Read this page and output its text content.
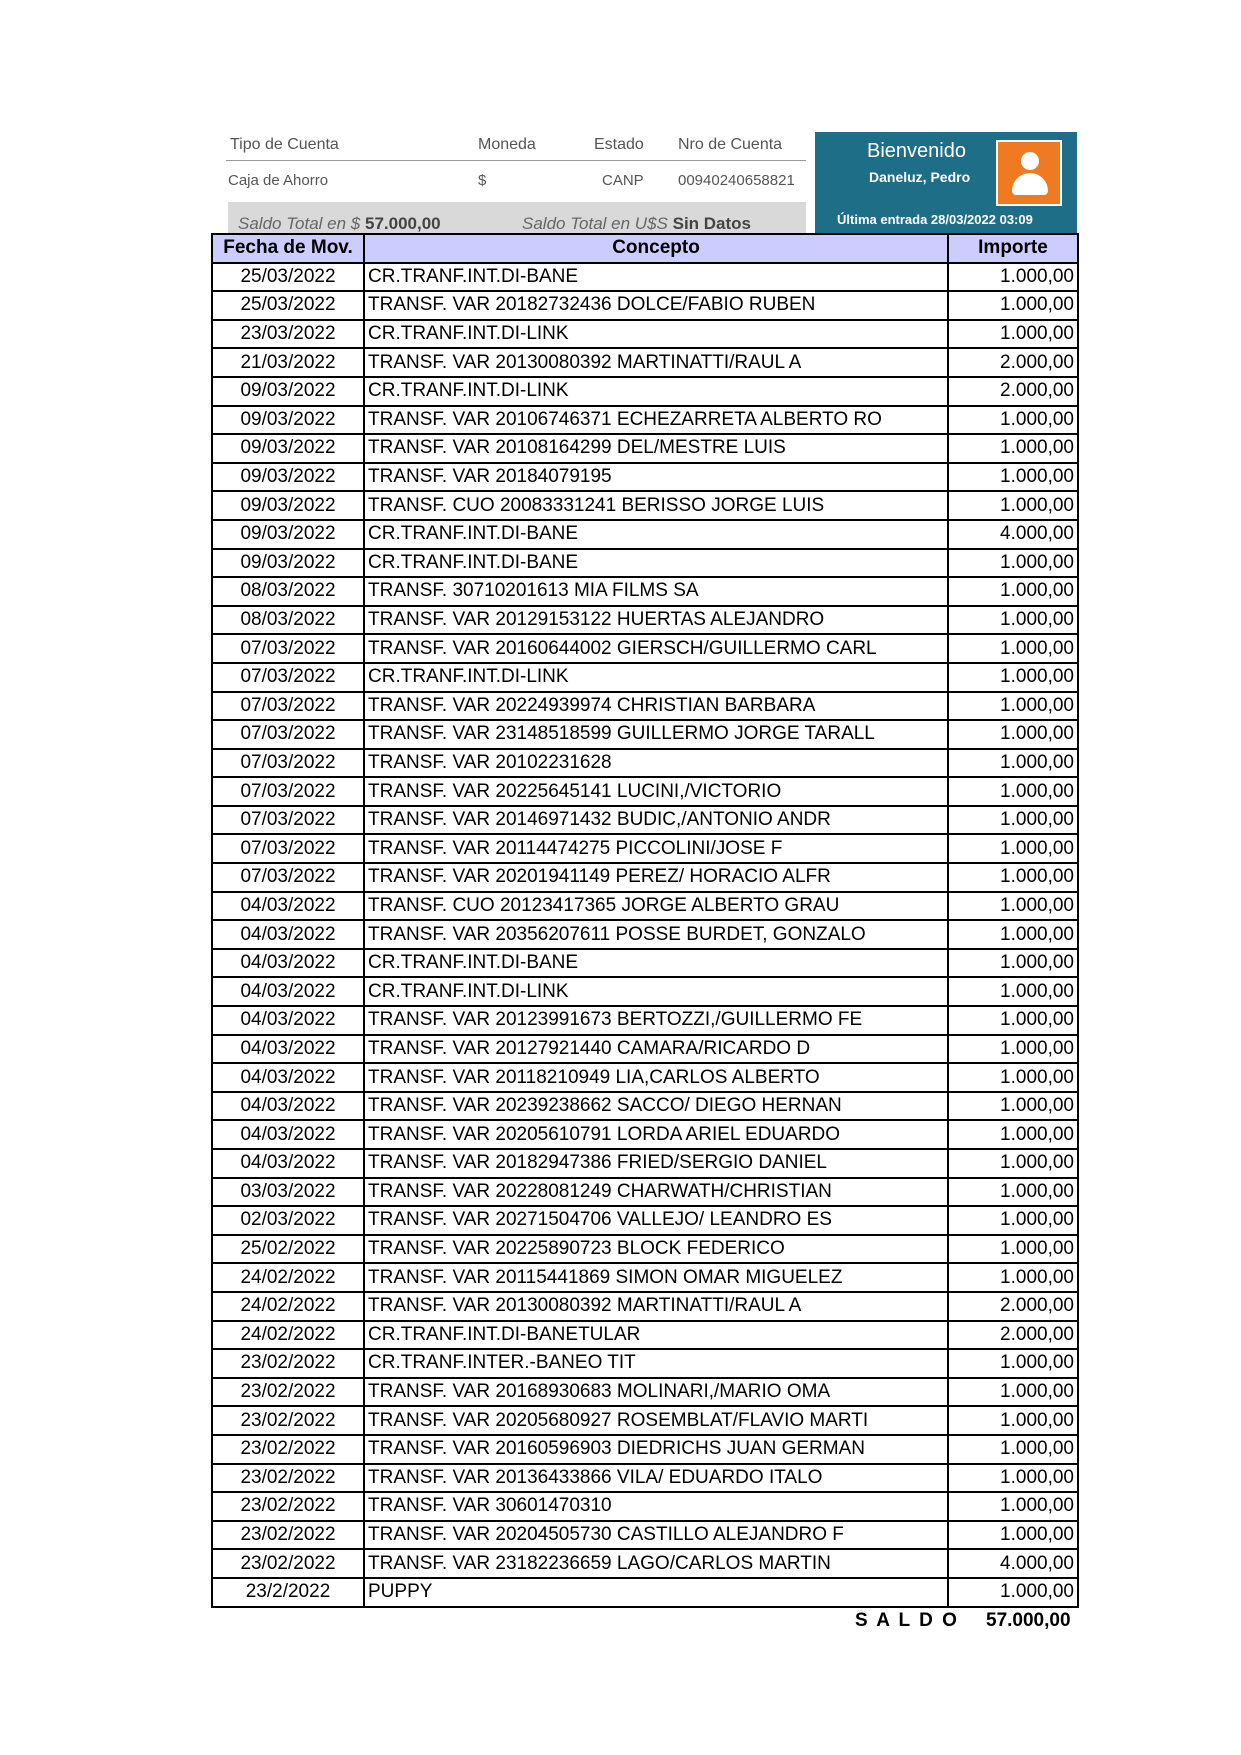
Tipo de Cuenta	Moneda	Estado Nro de Cuenta
Caja de Ahorro	$	CANP 00940240658821
Saldo Total en $ 57.000,00	Saldo Total en U$S Sin Datos
Bienvenido
Daneluz, Pedro
Última entrada 28/03/2022 03:09
Fecha de Mov.	Concepto	Importe
25/03/2022	CR.TRANF.INT.DI-BANE	1.000,00
25/03/2022	TRANSF. VAR 20182732436 DOLCE/FABIO RUBEN	1.000,00
23/03/2022	CR.TRANF.INT.DI-LINK	1.000,00
21/03/2022	TRANSF. VAR 20130080392 MARTINATTI/RAUL A	2.000,00
09/03/2022	CR.TRANF.INT.DI-LINK	2.000,00
09/03/2022	TRANSF. VAR 20106746371 ECHEZARRETA ALBERTO RO	1.000,00
09/03/2022	TRANSF. VAR 20108164299 DEL/MESTRE LUIS	1.000,00
09/03/2022	TRANSF. VAR 20184079195	1.000,00
09/03/2022	TRANSF. CUO 20083331241 BERISSO JORGE LUIS	1.000,00
09/03/2022	CR.TRANF.INT.DI-BANE	4.000,00
09/03/2022	CR.TRANF.INT.DI-BANE	1.000,00
08/03/2022	TRANSF. 30710201613 MIA FILMS SA	1.000,00
08/03/2022	TRANSF. VAR 20129153122 HUERTAS ALEJANDRO	1.000,00
07/03/2022	TRANSF. VAR 20160644002 GIERSCH/GUILLERMO CARL	1.000,00
07/03/2022	CR.TRANF.INT.DI-LINK	1.000,00
07/03/2022	TRANSF. VAR 20224939974 CHRISTIAN BARBARA	1.000,00
07/03/2022	TRANSF. VAR 23148518599 GUILLERMO JORGE TARALL	1.000,00
07/03/2022	TRANSF. VAR 20102231628	1.000,00
07/03/2022	TRANSF. VAR 20225645141 LUCINI,/VICTORIO	1.000,00
07/03/2022	TRANSF. VAR 20146971432 BUDIC,/ANTONIO ANDR	1.000,00
07/03/2022	TRANSF. VAR 20114474275 PICCOLINI/JOSE F	1.000,00
07/03/2022	TRANSF. VAR 20201941149 PEREZ/ HORACIO ALFR	1.000,00
04/03/2022	TRANSF. CUO 20123417365 JORGE ALBERTO GRAU	1.000,00
04/03/2022	TRANSF. VAR 20356207611 POSSE BURDET, GONZALO	1.000,00
04/03/2022	CR.TRANF.INT.DI-BANE	1.000,00
04/03/2022	CR.TRANF.INT.DI-LINK	1.000,00
04/03/2022	TRANSF. VAR 20123991673 BERTOZZI,/GUILLERMO FE	1.000,00
04/03/2022	TRANSF. VAR 20127921440 CAMARA/RICARDO D	1.000,00
04/03/2022	TRANSF. VAR 20118210949 LIA,CARLOS ALBERTO	1.000,00
04/03/2022	TRANSF. VAR 20239238662 SACCO/ DIEGO HERNAN	1.000,00
04/03/2022	TRANSF. VAR 20205610791 LORDA ARIEL EDUARDO	1.000,00
04/03/2022	TRANSF. VAR 20182947386 FRIED/SERGIO DANIEL	1.000,00
03/03/2022	TRANSF. VAR 20228081249 CHARWATH/CHRISTIAN	1.000,00
02/03/2022	TRANSF. VAR 20271504706 VALLEJO/ LEANDRO ES	1.000,00
25/02/2022	TRANSF. VAR 20225890723 BLOCK FEDERICO	1.000,00
24/02/2022	TRANSF. VAR 20115441869 SIMON OMAR MIGUELEZ	1.000,00
24/02/2022	TRANSF. VAR 20130080392 MARTINATTI/RAUL A	2.000,00
24/02/2022	CR.TRANF.INT.DI-BANETULAR	2.000,00
23/02/2022	CR.TRANF.INTER.-BANEO TIT	1.000,00
23/02/2022	TRANSF. VAR 20168930683 MOLINARI,/MARIO OMA	1.000,00
23/02/2022	TRANSF. VAR 20205680927 ROSEMBLAT/FLAVIO MARTI	1.000,00
23/02/2022	TRANSF. VAR 20160596903 DIEDRICHS JUAN GERMAN	1.000,00
23/02/2022	TRANSF. VAR 20136433866 VILA/ EDUARDO ITALO	1.000,00
23/02/2022	TRANSF. VAR 30601470310	1.000,00
23/02/2022	TRANSF. VAR 20204505730 CASTILLO ALEJANDRO F	1.000,00
23/02/2022	TRANSF. VAR 23182236659 LAGO/CARLOS MARTIN	4.000,00
23/2/2022	PUPPY	1.000,00
S A L D O 57.000,00
